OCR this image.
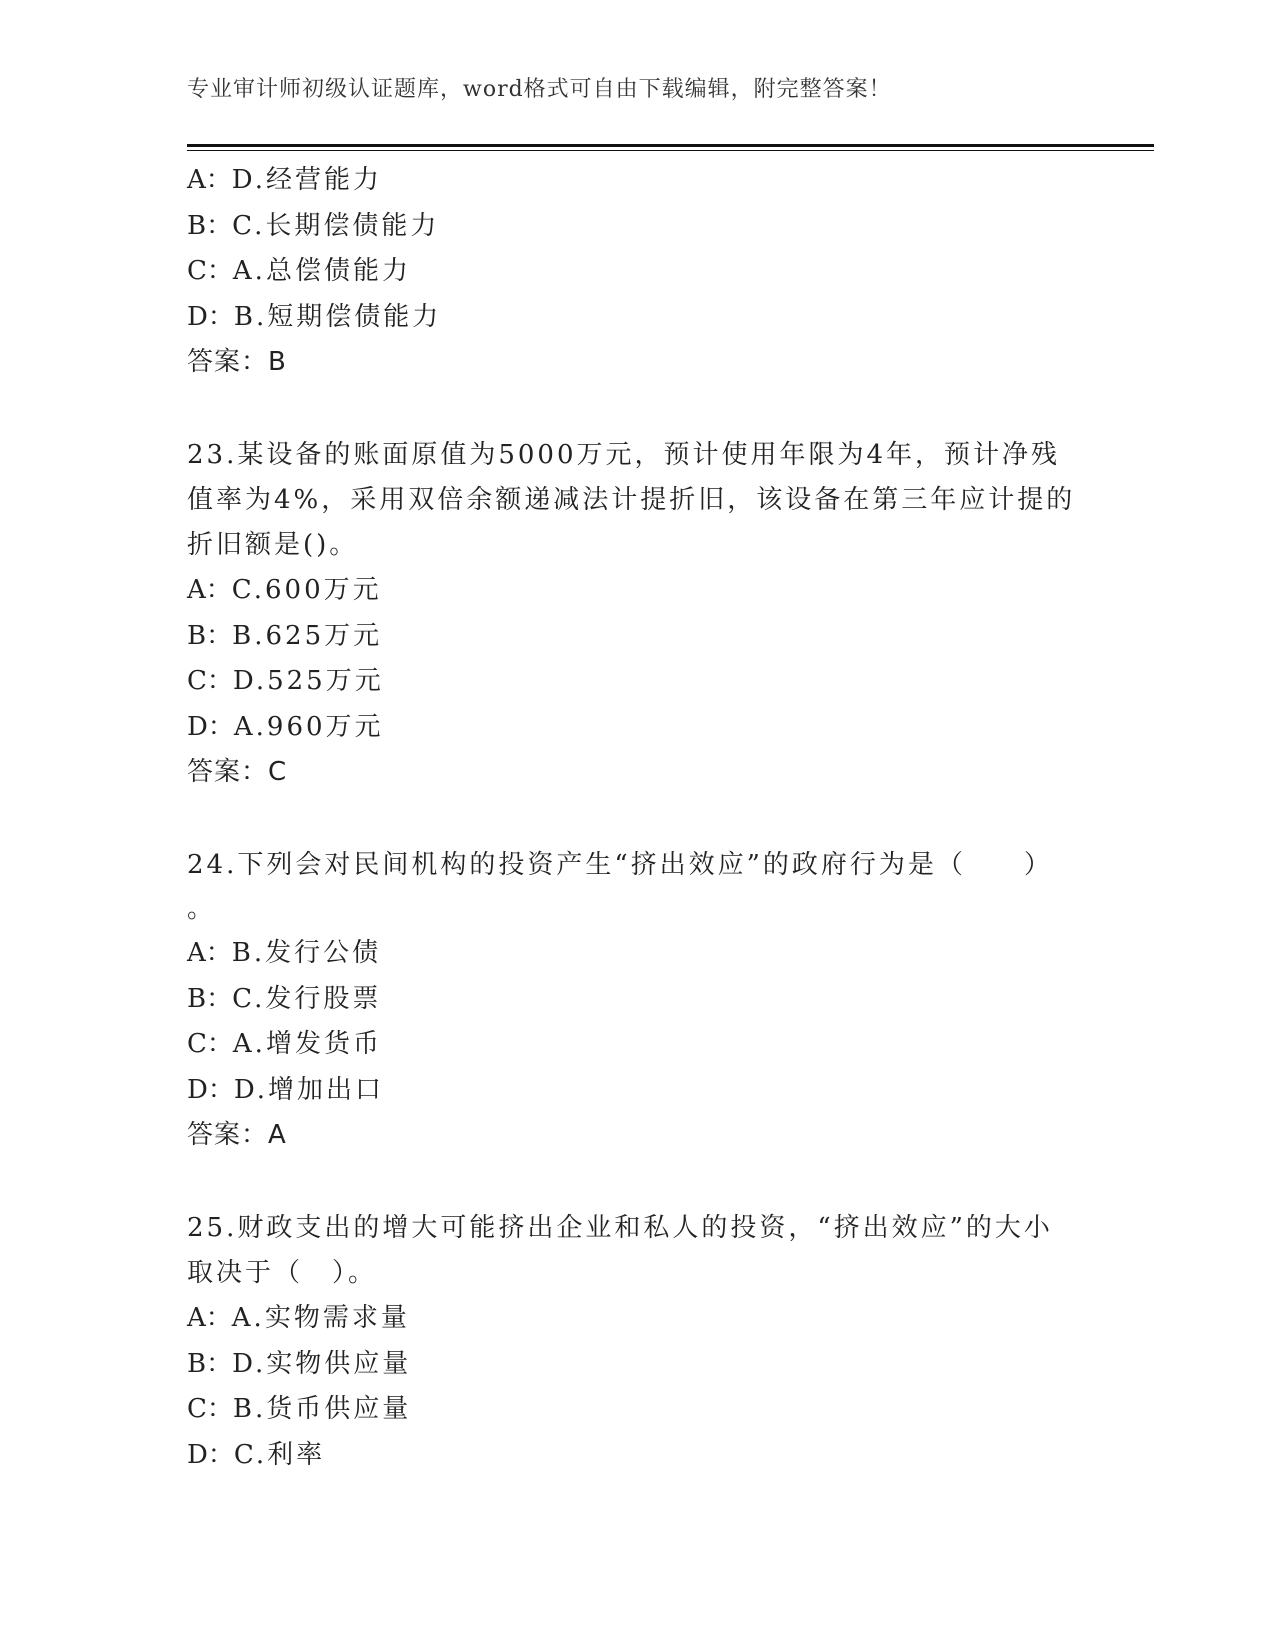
专业审计师初级认证题库，word格式可自由下载编辑，附完整答案！
A：D.经营能力
B：C.长期偿债能力
C：A.总偿债能力
D：B.短期偿债能力
答案：B
23.某设备的账面原值为5000万元，预计使用年限为4年，预计净残
值率为4%，采用双倍余额递减法计提折旧，该设备在第三年应计提的
折旧额是()。
A：C.600万元
B：B.625万元
C：D.525万元
D：A.960万元
答案：C
24.下列会对民间机构的投资产生“挤出效应”的政府行为是（　　）
。
A：B.发行公债
B：C.发行股票
C：A.增发货币
D：D.增加出口
答案：A
25.财政支出的增大可能挤出企业和私人的投资，“挤出效应”的大小
取决于（　）。
A：A.实物需求量
B：D.实物供应量
C：B.货币供应量
D：C.利率
